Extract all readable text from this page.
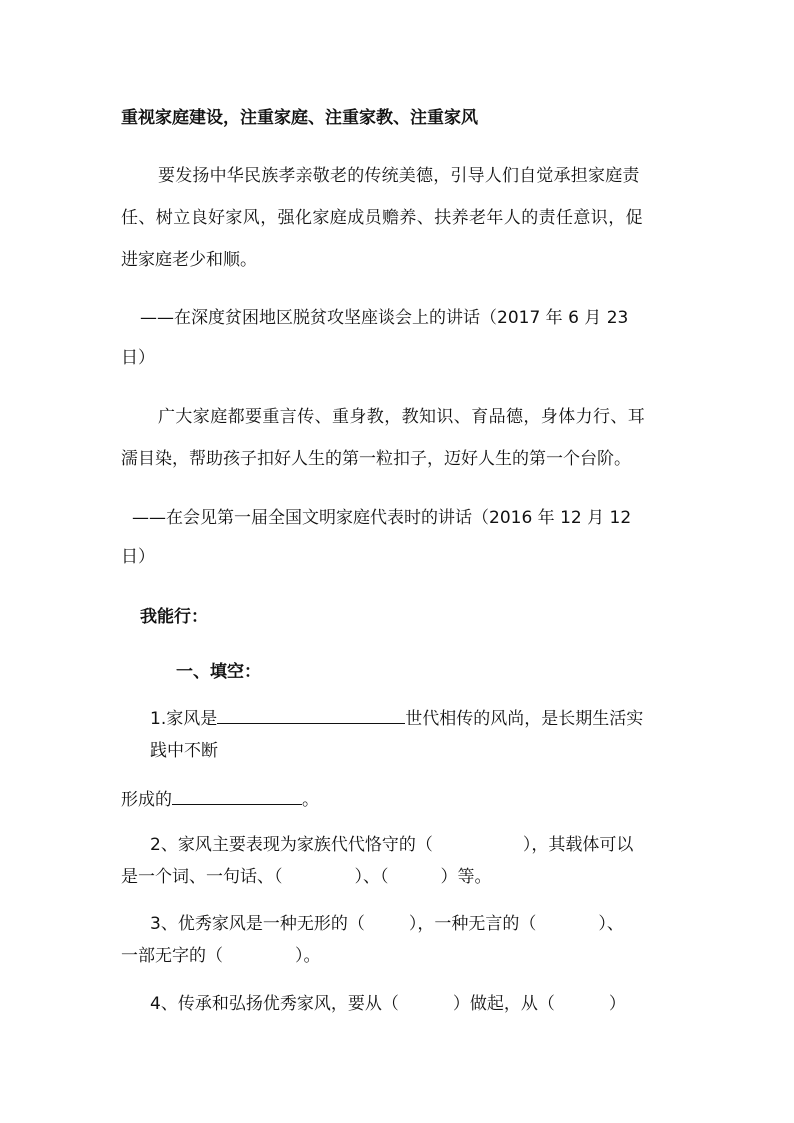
重视家庭建设，注重家庭、注重家教、注重家风
要发扬中华民族孝亲敬老的传统美德，引导人们自觉承担家庭责
任、树立良好家风，强化家庭成员赡养、扶养老年人的责任意识，促
进家庭老少和顺。
——在深度贫困地区脱贫攻坚座谈会上的讲话（2017 年 6 月 23
日）
广大家庭都要重言传、重身教，教知识、育品德，身体力行、耳
濡目染，帮助孩子扣好人生的第一粒扣子，迈好人生的第一个台阶。
——在会见第一届全国文明家庭代表时的讲话（2016 年 12 月 12
日）
我能行：
一、填空：
1.家风是	世代相传的风尚，是长期生活实
践中不断
形成的	。
2、家风主要表现为家族代代恪守的（	），其载体可以
是一个词、一句话、（	）、（	）等。
3、优秀家风是一种无形的（	），一种无言的（	）、
一部无字的（	）。
4、传承和弘扬优秀家风，要从（	）做起，从（	）
